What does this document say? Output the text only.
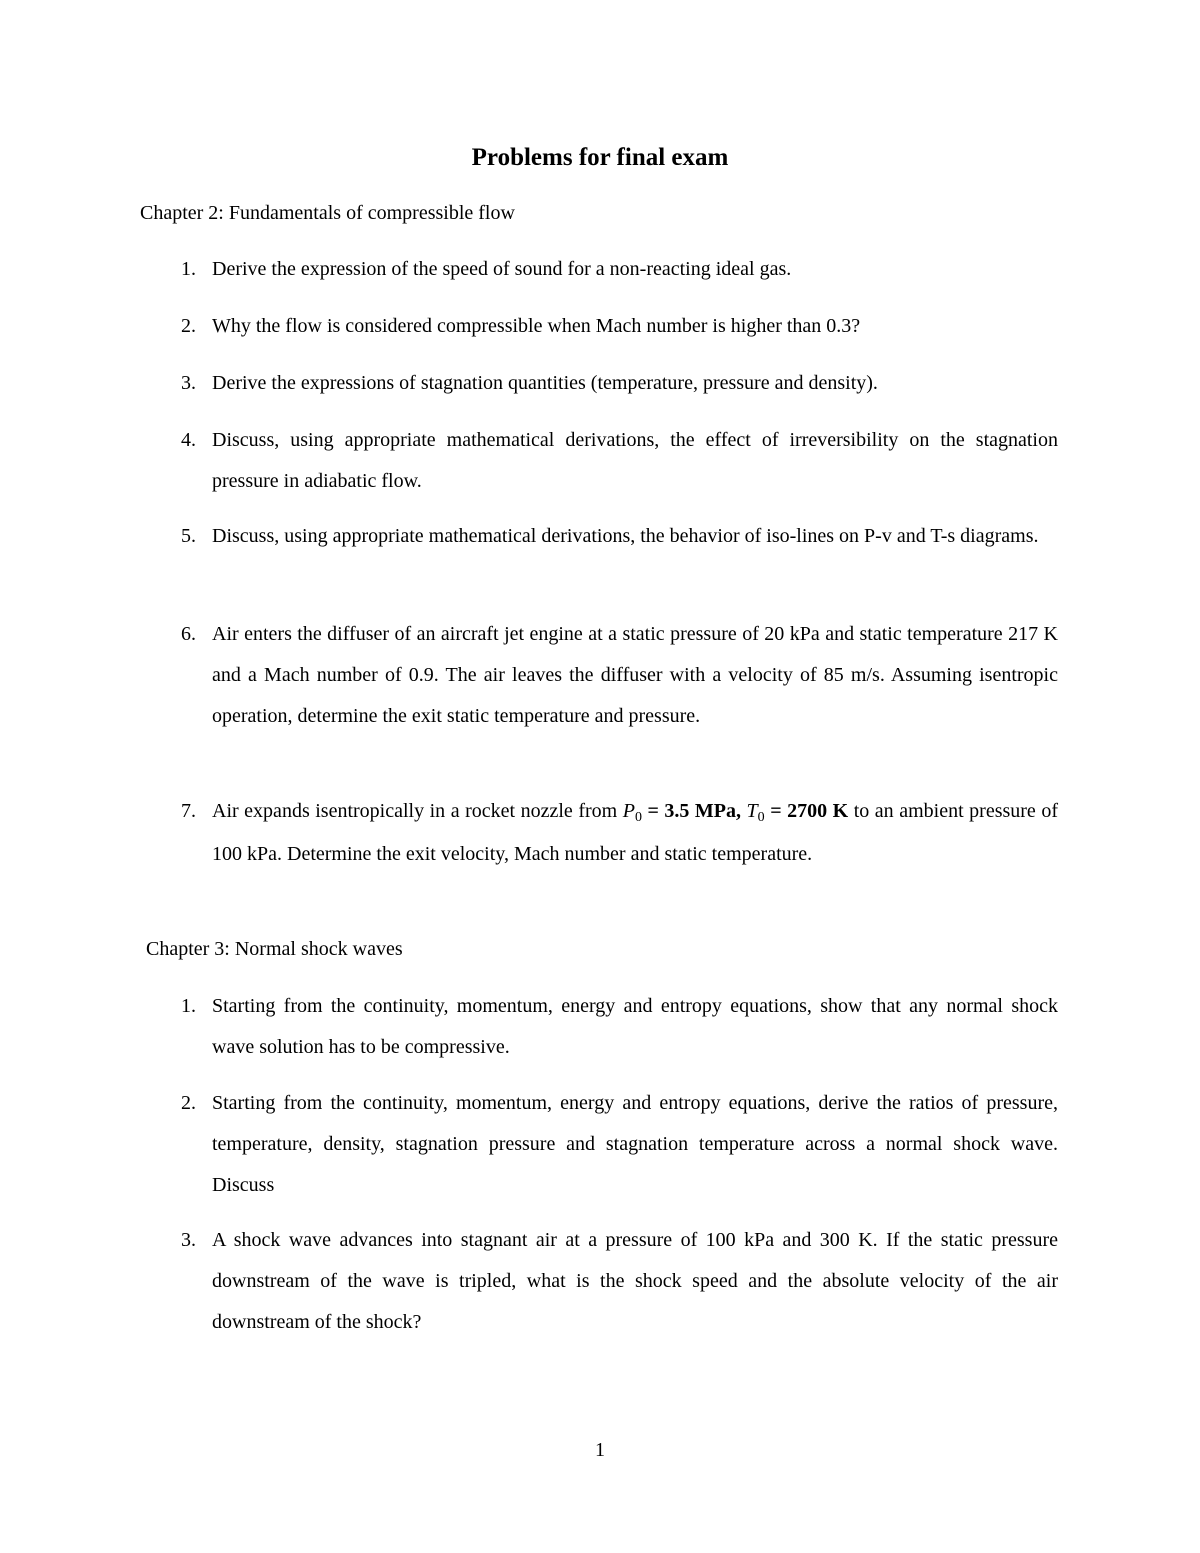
Problems for final exam
Chapter 2: Fundamentals of compressible flow
1. Derive the expression of the speed of sound for a non-reacting ideal gas.
2. Why the flow is considered compressible when Mach number is higher than 0.3?
3. Derive the expressions of stagnation quantities (temperature, pressure and density).
4. Discuss, using appropriate mathematical derivations, the effect of irreversibility on the stagnation pressure in adiabatic flow.
5. Discuss, using appropriate mathematical derivations, the behavior of iso-lines on P-v and T-s diagrams.
6. Air enters the diffuser of an aircraft jet engine at a static pressure of 20 kPa and static temperature 217 K and a Mach number of 0.9. The air leaves the diffuser with a velocity of 85 m/s. Assuming isentropic operation, determine the exit static temperature and pressure.
7. Air expands isentropically in a rocket nozzle from $P_0 = 3.5$ MPa, $T_0 = 2700$ K to an ambient pressure of 100 kPa. Determine the exit velocity, Mach number and static temperature.
Chapter 3: Normal shock waves
1. Starting from the continuity, momentum, energy and entropy equations, show that any normal shock wave solution has to be compressive.
2. Starting from the continuity, momentum, energy and entropy equations, derive the ratios of pressure, temperature, density, stagnation pressure and stagnation temperature across a normal shock wave. Discuss
3. A shock wave advances into stagnant air at a pressure of 100 kPa and 300 K. If the static pressure downstream of the wave is tripled, what is the shock speed and the absolute velocity of the air downstream of the shock?
1
